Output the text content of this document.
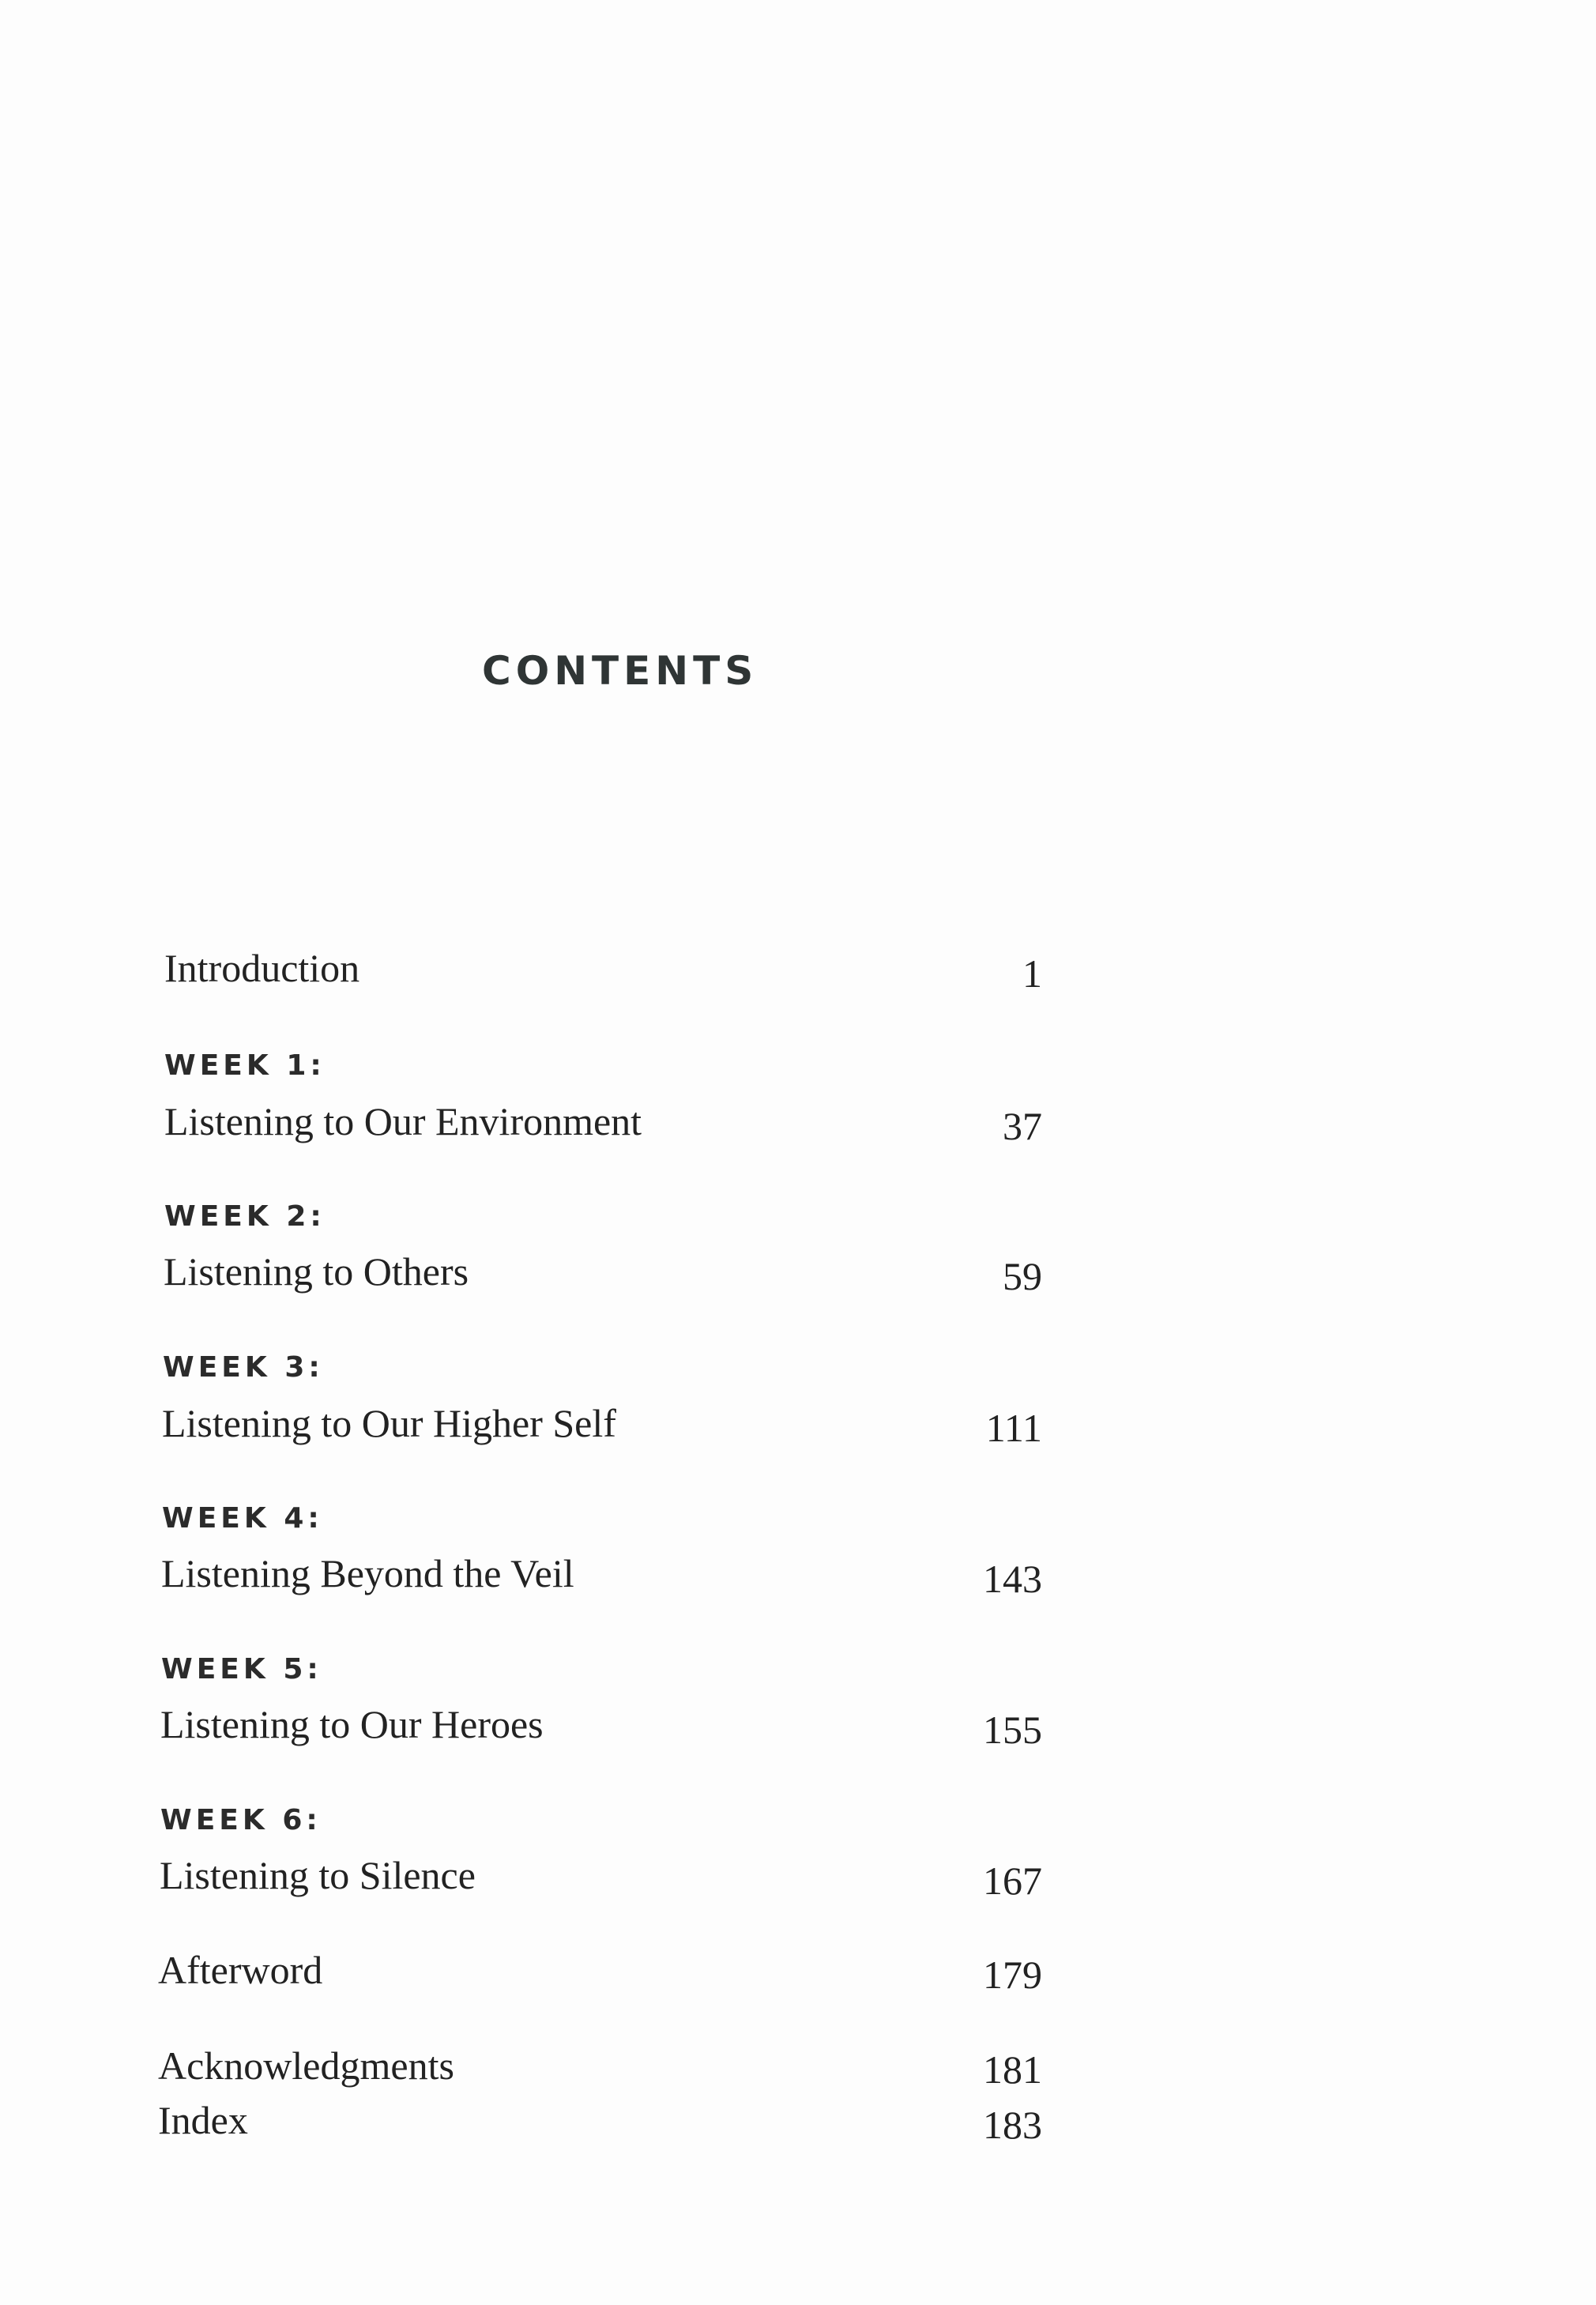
CONTENTS
Introduction	1
WEEK 1:
Listening to Our Environment	37
WEEK 2:
Listening to Others	59
WEEK 3:
Listening to Our Higher Self	111
WEEK 4:
Listening Beyond the Veil	143
WEEK 5:
Listening to Our Heroes	155
WEEK 6:
Listening to Silence	167
Afterword	179
Acknowledgments	181
Index	183
